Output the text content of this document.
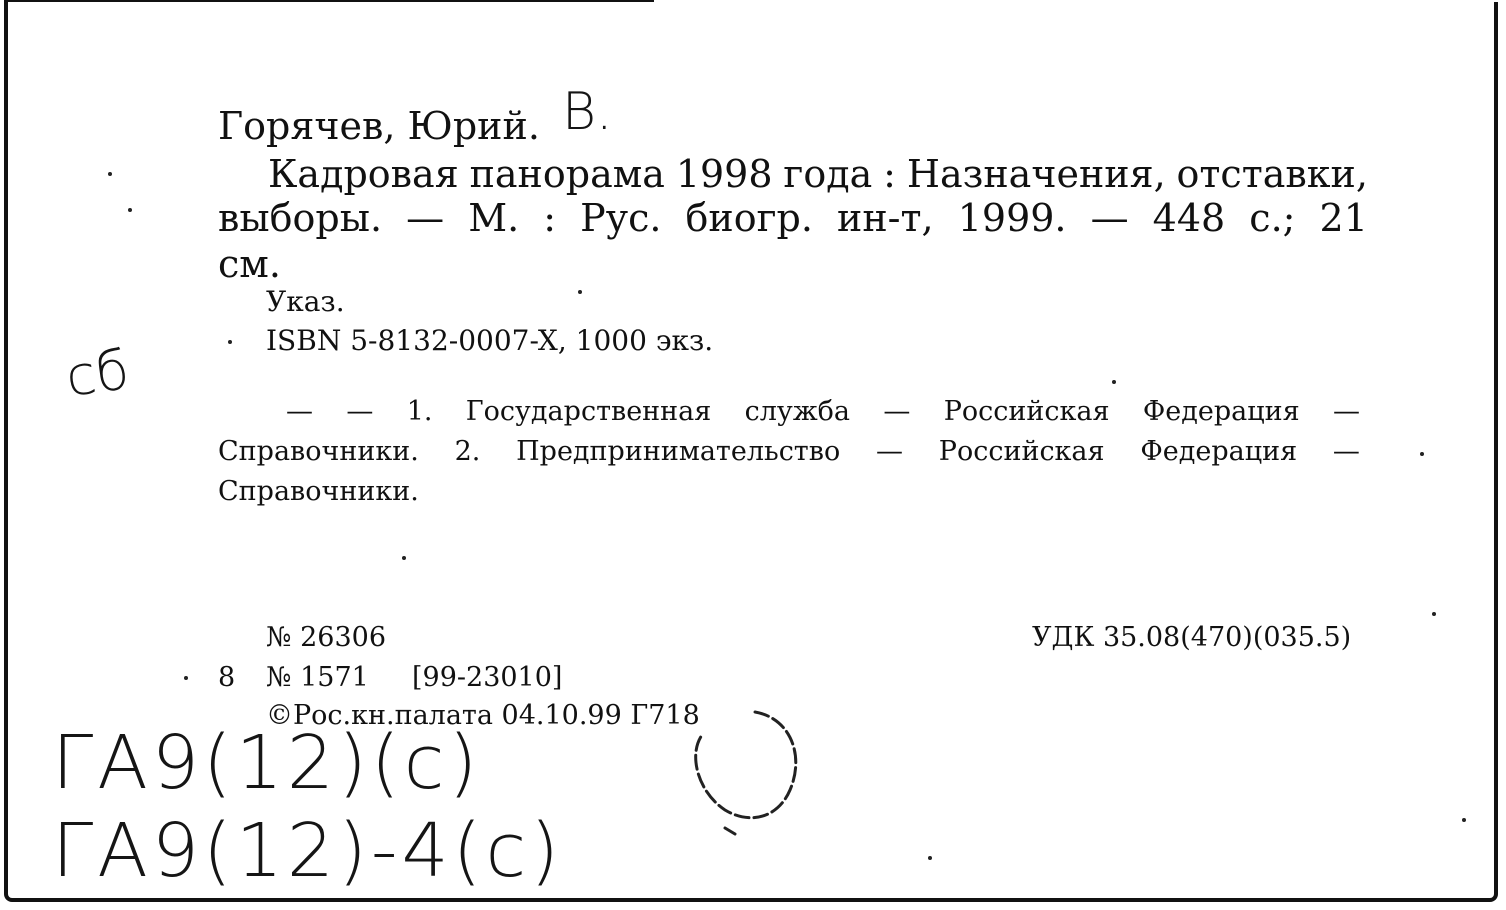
Горячев, Юрий. В.
Кадровая панорама 1998 года : Назначения, отставки,
выборы. — М. : Рус. биогр. ин-т, 1999. — 448 с.; 21
см.
Указ.
ISBN 5-8132-0007-X, 1000 экз.
— — 1. Государственная служба — Российская Федерация —
Справочники. 2. Предпринимательство — Российская Федерация —
Справочники.
№ 26306	УДК 35.08(470)(035.5)
8 № 1571 [99-23010]
©Рос.кн.палата 04.10.99 Г718
сб
ГА9(12)(с)
ГА9(12)-4(с)
